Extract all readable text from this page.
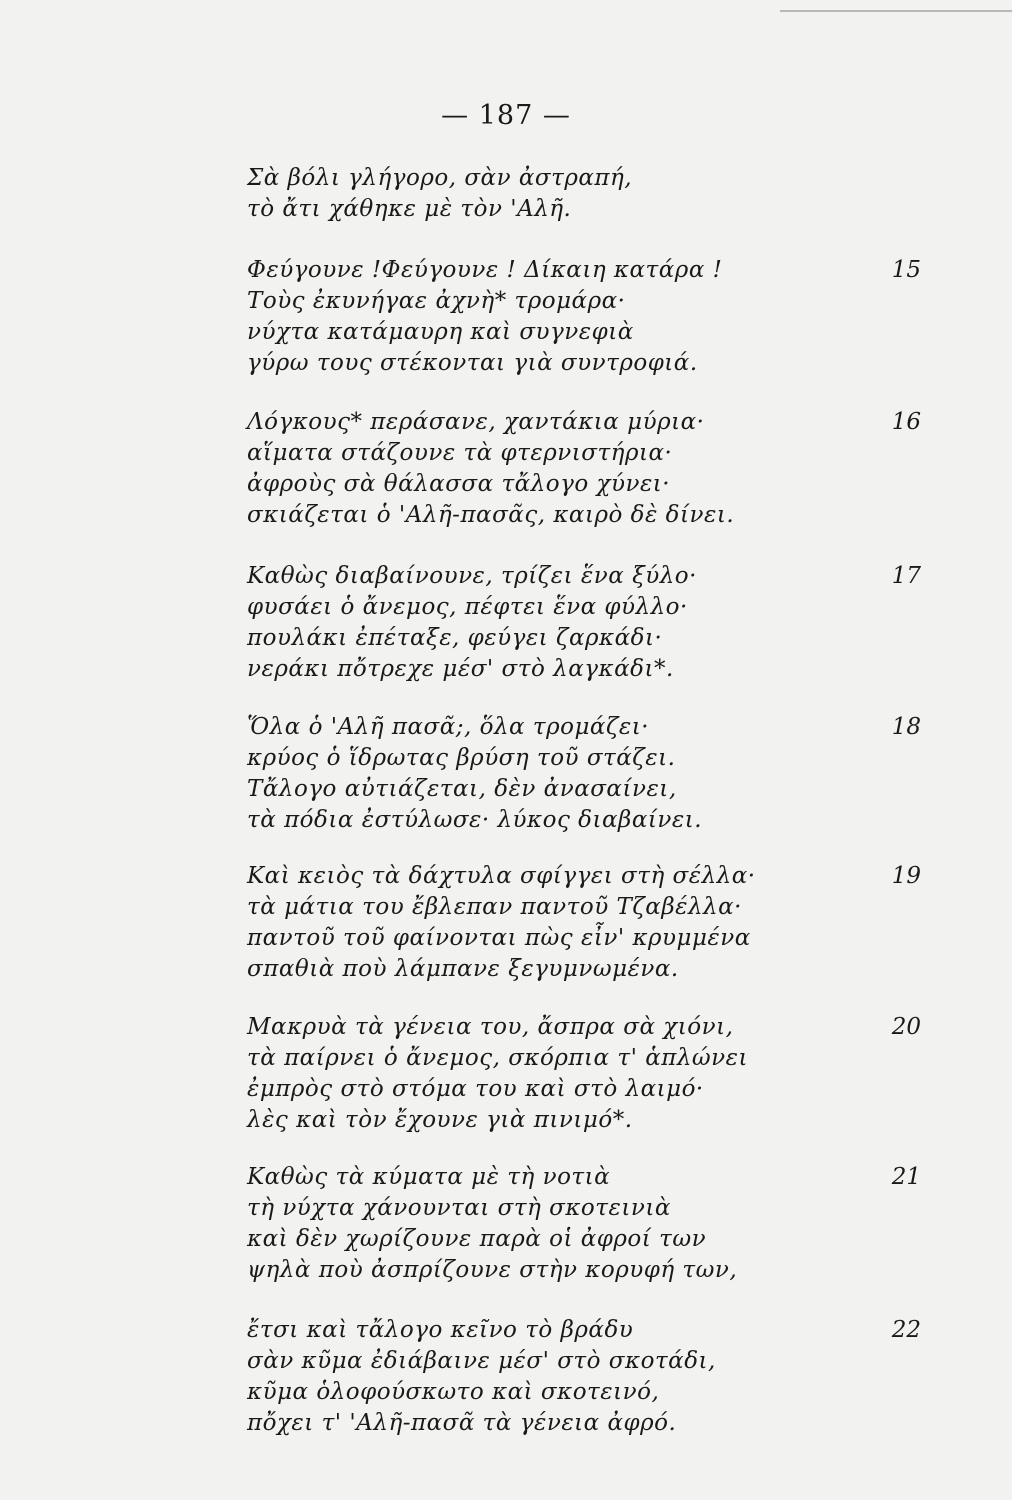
— 187 —
Σὰ βόλι γλήγορο, σὰν ἀστραπή,
τὸ ἄτι χάθηκε μὲ τὸν 'Αλῆ.
15
Φεύγουνε !Φεύγουνε ! Δίκαιη κατάρα !
Τοὺς ἐκυνήγαε ἀχνὴ* τρομάρα·
νύχτα κατάμαυρη καὶ συγνεφιὰ
γύρω τους στέκονται γιὰ συντροφιά.
16
Λόγκους* περάσανε, χαντάκια μύρια·
αἵματα στάζουνε τὰ φτερνιστήρια·
ἀφροὺς σὰ θάλασσα τἄλογο χύνει·
σκιάζεται ὁ 'Αλῆ-πασᾶς, καιρὸ δὲ δίνει.
17
Καθὼς διαβαίνουνε, τρίζει ἕνα ξύλο·
φυσάει ὁ ἄνεμος, πέφτει ἕνα φύλλο·
πουλάκι ἐπέταξε, φεύγει ζαρκάδι·
νεράκι πὄτρεχε μέσ' στὸ λαγκάδι*.
18
Ὅλα ὁ 'Αλῆ πασᾶ;, ὅλα τρομάζει·
κρύος ὁ ἵδρωτας βρύση τοῦ στάζει.
Τἄλογο αὐτιάζεται, δὲν ἀνασαίνει,
τὰ πόδια ἐστύλωσε· λύκος διαβαίνει.
19
Καὶ κειὸς τὰ δάχτυλα σφίγγει στὴ σέλλα·
τὰ μάτια του ἔβλεπαν παντοῦ Τζαβέλλα·
παντοῦ τοῦ φαίνονται πὼς εἶν' κρυμμένα
σπαθιὰ ποὺ λάμπανε ξεγυμνωμένα.
20
Μακρυὰ τὰ γένεια του, ἄσπρα σὰ χιόνι,
τὰ παίρνει ὁ ἄνεμος, σκόρπια τ' ἁπλώνει
ἐμπρὸς στὸ στόμα του καὶ στὸ λαιμό·
λὲς καὶ τὸν ἔχουνε γιὰ πινιμό*.
21
Καθὼς τὰ κύματα μὲ τὴ νοτιὰ
τὴ νύχτα χάνουνται στὴ σκοτεινιὰ
καὶ δὲν χωρίζουνε παρὰ οἱ ἀφροί των
ψηλὰ ποὺ ἀσπρίζουνε στὴν κορυφή των,
22
ἔτσι καὶ τἄλογο κεῖνο τὸ βράδυ
σὰν κῦμα ἐδιάβαινε μέσ' στὸ σκοτάδι,
κῦμα ὁλοφούσκωτο καὶ σκοτεινό,
πὄχει τ' 'Αλῆ-πασᾶ τὰ γένεια ἀφρό.
